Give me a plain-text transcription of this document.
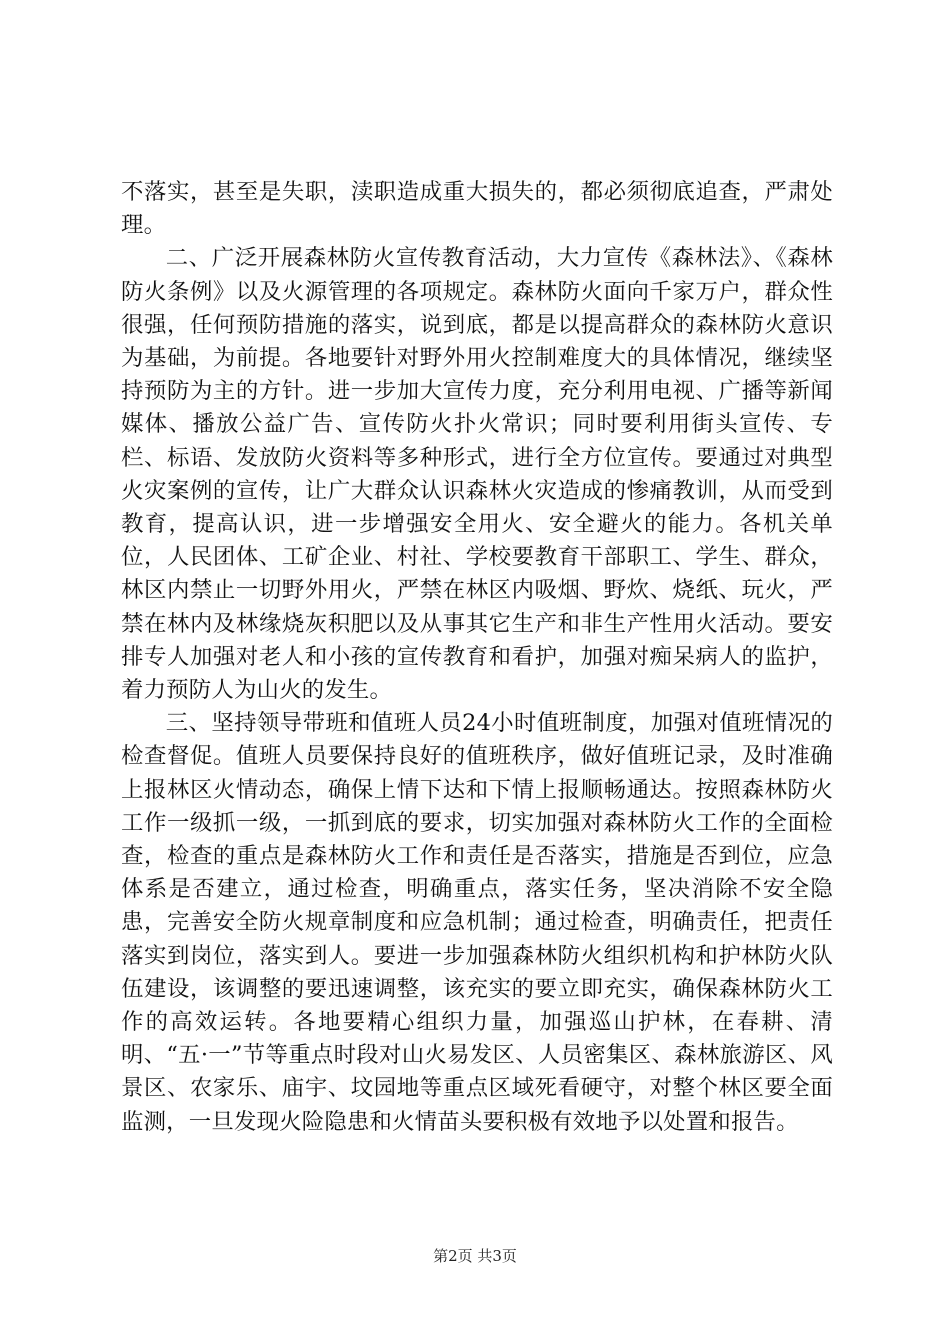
不落实，甚至是失职，渎职造成重大损失的，都必须彻底追查，严肃处理。

二、广泛开展森林防火宣传教育活动，大力宣传《森林法》、《森林防火条例》以及火源管理的各项规定。森林防火面向千家万户，群众性很强，任何预防措施的落实，说到底，都是以提高群众的森林防火意识为基础，为前提。各地要针对野外用火控制难度大的具体情况，继续坚持预防为主的方针。进一步加大宣传力度，充分利用电视、广播等新闻媒体、播放公益广告、宣传防火扑火常识；同时要利用街头宣传、专栏、标语、发放防火资料等多种形式，进行全方位宣传。要通过对典型火灾案例的宣传，让广大群众认识森林火灾造成的惨痛教训，从而受到教育，提高认识，进一步增强安全用火、安全避火的能力。各机关单位，人民团体、工矿企业、村社、学校要教育干部职工、学生、群众，林区内禁止一切野外用火，严禁在林区内吸烟、野炊、烧纸、玩火，严禁在林内及林缘烧灰积肥以及从事其它生产和非生产性用火活动。要安排专人加强对老人和小孩的宣传教育和看护，加强对痴呆病人的监护，着力预防人为山火的发生。

三、坚持领导带班和值班人员24小时值班制度，加强对值班情况的检查督促。值班人员要保持良好的值班秩序，做好值班记录，及时准确上报林区火情动态，确保上情下达和下情上报顺畅通达。按照森林防火工作一级抓一级，一抓到底的要求，切实加强对森林防火工作的全面检查，检查的重点是森林防火工作和责任是否落实，措施是否到位，应急体系是否建立，通过检查，明确重点，落实任务，坚决消除不安全隐患，完善安全防火规章制度和应急机制；通过检查，明确责任，把责任落实到岗位，落实到人。要进一步加强森林防火组织机构和护林防火队伍建设，该调整的要迅速调整，该充实的要立即充实，确保森林防火工作的高效运转。各地要精心组织力量，加强巡山护林，在春耕、清明、“五·一”节等重点时段对山火易发区、人员密集区、森林旅游区、风景区、农家乐、庙宇、坟园地等重点区域死看硬守，对整个林区要全面监测，一旦发现火险隐患和火情苗头要积极有效地予以处置和报告。

第2页 共3页
